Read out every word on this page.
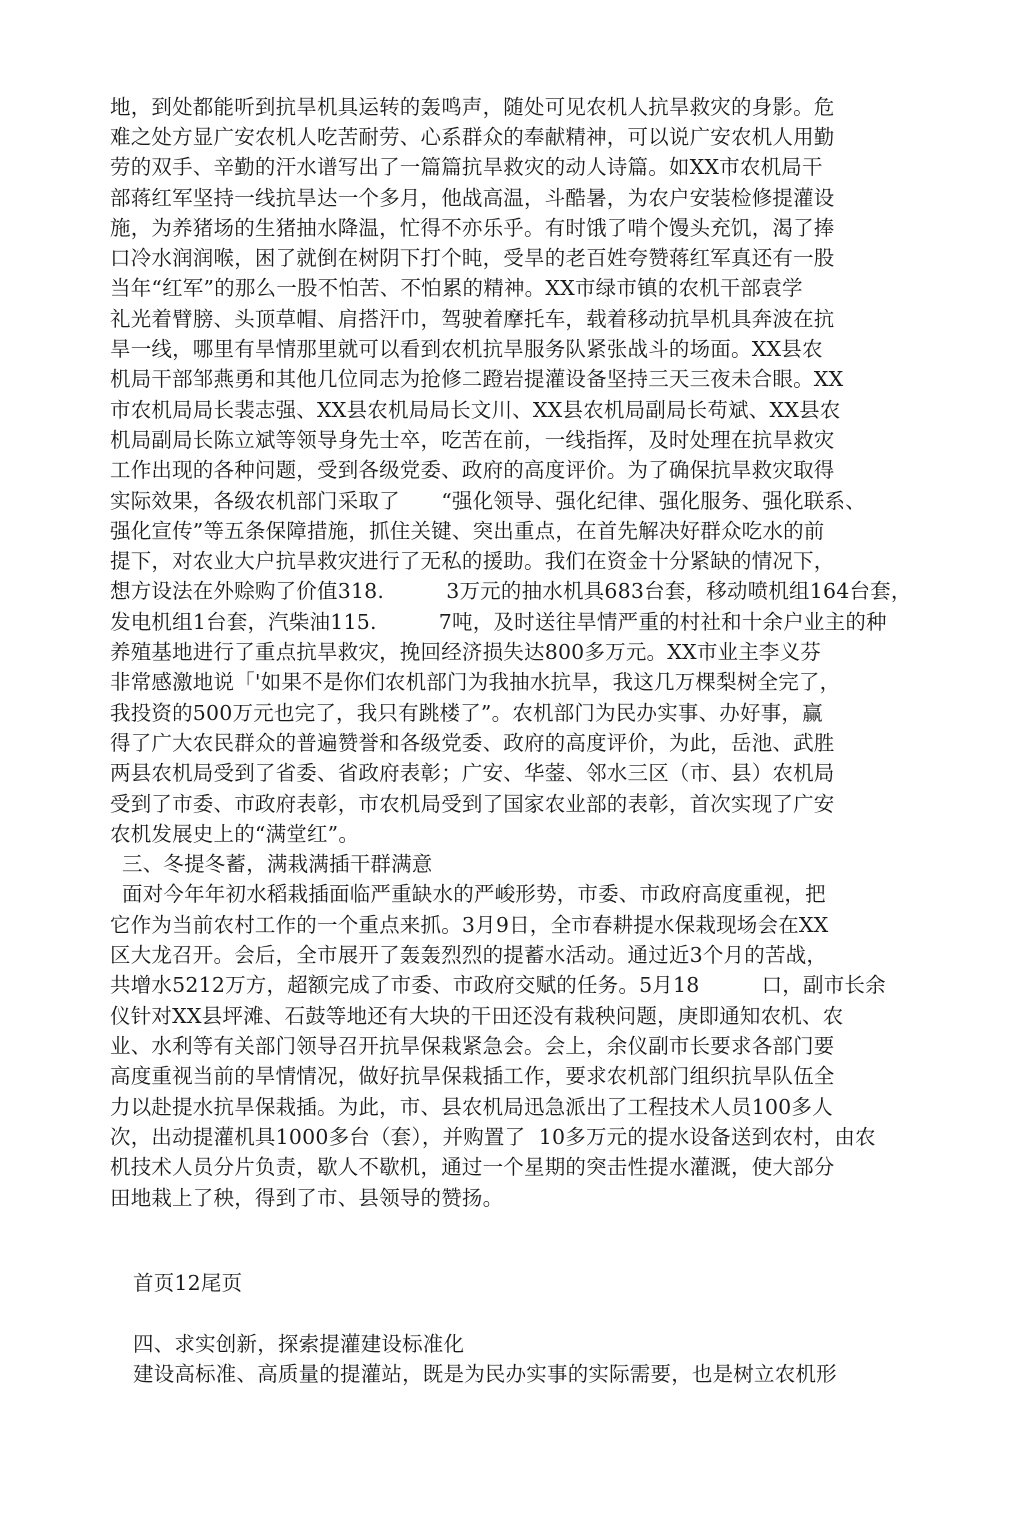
地，到处都能听到抗旱机具运转的轰鸣声，随处可见农机人抗旱救灾的身影。危
难之处方显广安农机人吃苦耐劳、心系群众的奉献精神，可以说广安农机人用勤
劳的双手、辛勤的汗水谱写出了一篇篇抗旱救灾的动人诗篇。如XX市农机局干
部蒋红军坚持一线抗旱达一个多月，他战高温，斗酷暑，为农户安装检修提灌设
施，为养猪场的生猪抽水降温，忙得不亦乐乎。有时饿了啃个馒头充饥，渴了捧
口冷水润润喉，困了就倒在树阴下打个盹，受旱的老百姓夸赞蒋红军真还有一股
当年“红军”的那么一股不怕苦、不怕累的精神。XX市绿市镇的农机干部袁学
礼光着臂膀、头顶草帽、肩搭汗巾，驾驶着摩托车，载着移动抗旱机具奔波在抗
旱一线，哪里有旱情那里就可以看到农机抗旱服务队紧张战斗的场面。XX县农
机局干部邹燕勇和其他几位同志为抢修二蹬岩提灌设备坚持三天三夜未合眼。XX
市农机局局长裴志强、XX县农机局局长文川、XX县农机局副局长苟斌、XX县农
机局副局长陈立斌等领导身先士卒，吃苦在前，一线指挥，及时处理在抗旱救灾
工作出现的各种问题，受到各级党委、政府的高度评价。为了确保抗旱救灾取得
实际效果，各级农机部门采取了　　“强化领导、强化纪律、强化服务、强化联系、
强化宣传”等五条保障措施，抓住关键、突出重点，在首先解决好群众吃水的前
提下，对农业大户抗旱救灾进行了无私的援助。我们在资金十分紧缺的情况下，
想方设法在外赊购了价值318.　　　3万元的抽水机具683台套，移动喷机组164台套，
发电机组1台套，汽柴油115.　　　7吨，及时送往旱情严重的村社和十余户业主的种
养殖基地进行了重点抗旱救灾，挽回经济损失达800多万元。XX市业主李义芬
非常感激地说「'如果不是你们农机部门为我抽水抗旱，我这几万棵梨树全完了，
我投资的500万元也完了，我只有跳楼了”。农机部门为民办实事、办好事，赢
得了广大农民群众的普遍赞誉和各级党委、政府的高度评价，为此，岳池、武胜
两县农机局受到了省委、省政府表彰；广安、华蓥、邻水三区（市、县）农机局
受到了市委、市政府表彰，市农机局受到了国家农业部的表彰，首次实现了广安
农机发展史上的“满堂红”。
三、冬提冬蓄，满栽满插干群满意
面对今年年初水稻栽插面临严重缺水的严峻形势，市委、市政府高度重视，把
它作为当前农村工作的一个重点来抓。3月9日，全市春耕提水保栽现场会在XX
区大龙召开。会后，全市展开了轰轰烈烈的提蓄水活动。通过近3个月的苦战，
共增水5212万方，超额完成了市委、市政府交赋的任务。5月18　　　口，副市长余
仪针对XX县坪滩、石鼓等地还有大块的干田还没有栽秧问题，庚即通知农机、农
业、水利等有关部门领导召开抗旱保栽紧急会。会上，余仪副市长要求各部门要
高度重视当前的旱情情况，做好抗旱保栽插工作，要求农机部门组织抗旱队伍全
力以赴提水抗旱保栽插。为此，市、县农机局迅急派出了工程技术人员100多人
次，出动提灌机具1000多台（套），并购置了  10多万元的提水设备送到农村，由农
机技术人员分片负责，歇人不歇机，通过一个星期的突击性提水灌溉，使大部分
田地栽上了秧，得到了市、县领导的赞扬。
首页12尾页
四、求实创新，探索提灌建设标准化
建设高标准、高质量的提灌站，既是为民办实事的实际需要，也是树立农机形
